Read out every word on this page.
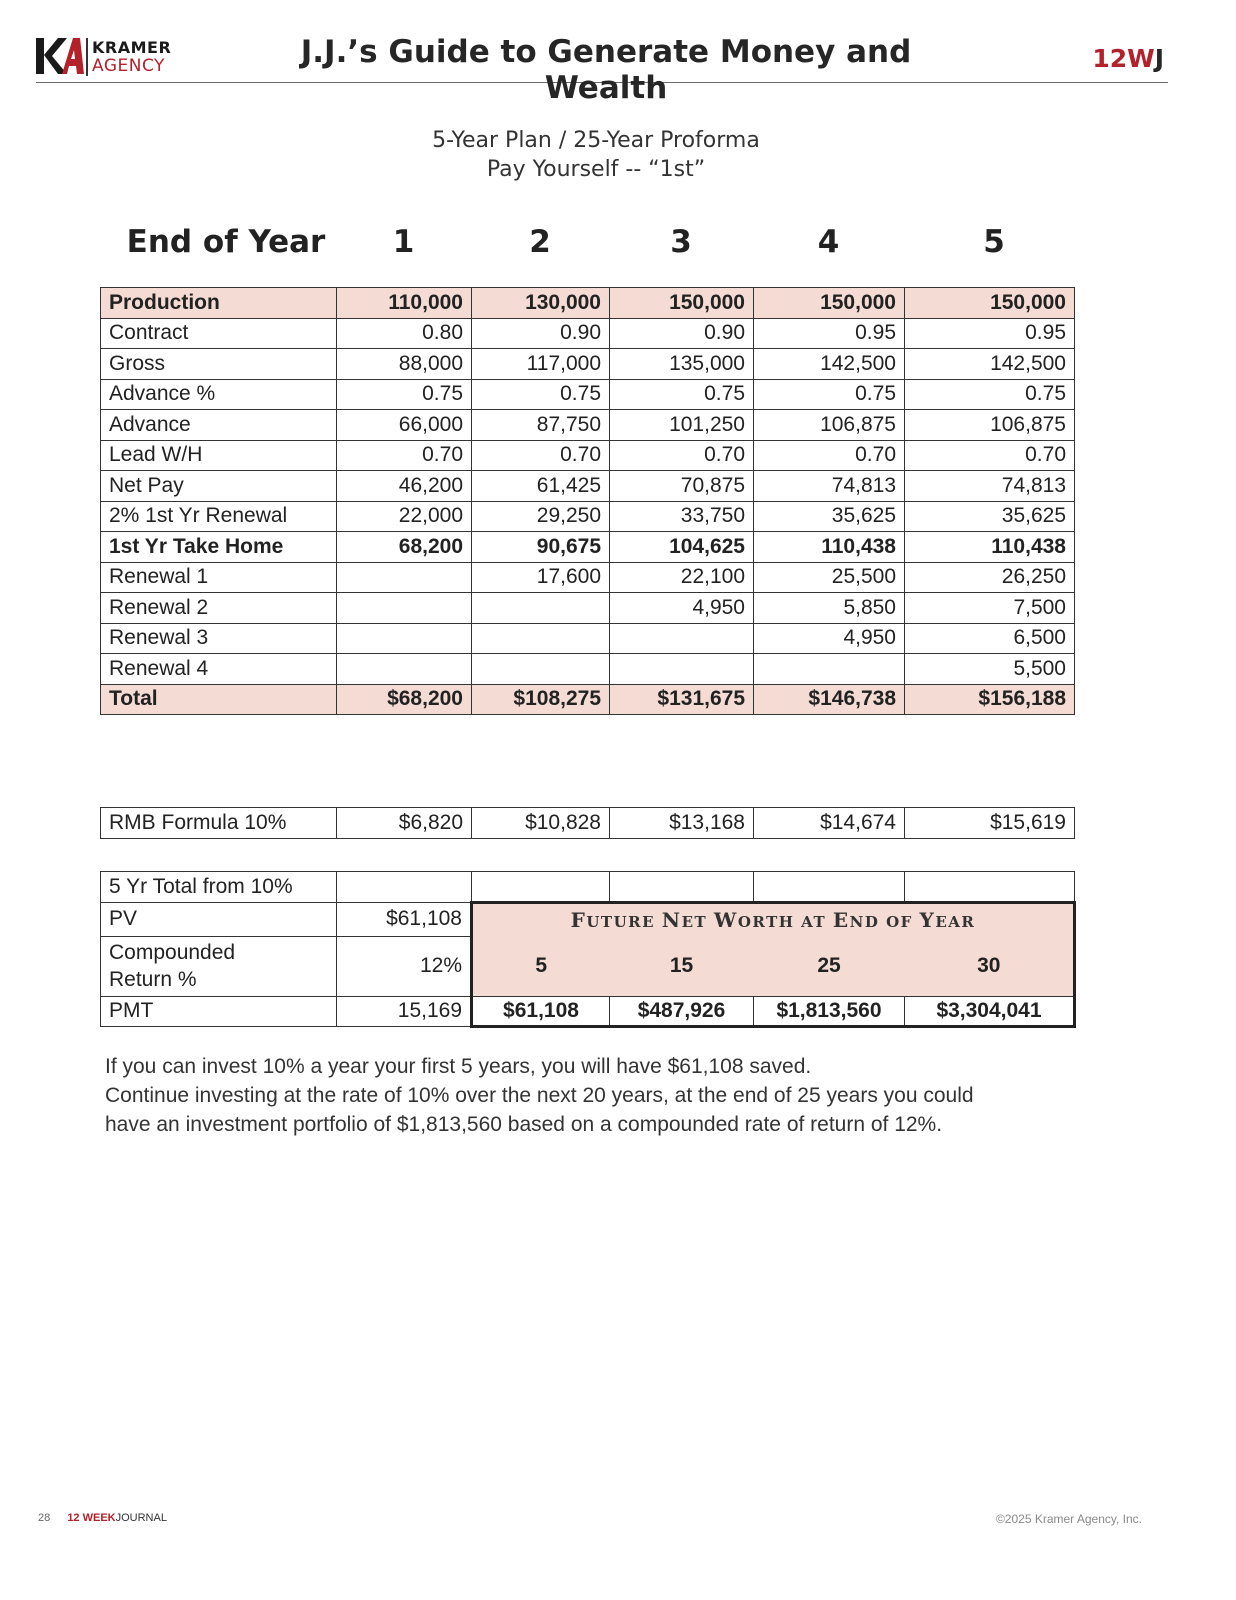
KRAMER
AGENCY	J.J.’s Guide to Generate Money and Wealth
12WJ
5-Year Plan / 25-Year Proforma
Pay Yourself -- “1st”
End of Year	1	2	3	4	5
Production	110,000	130,000	150,000	150,000	150,000
Contract	0.80	0.90	0.90	0.95	0.95
Gross	88,000	117,000	135,000	142,500	142,500
Advance %	0.75	0.75	0.75	0.75	0.75
Advance	66,000	87,750	101,250	106,875	106,875
Lead W/H	0.70	0.70	0.70	0.70	0.70
Net Pay	46,200	61,425	70,875	74,813	74,813
2% 1st Yr Renewal	22,000	29,250	33,750	35,625	35,625
1st Yr Take Home	68,200	90,675	104,625	110,438	110,438
Renewal 1		17,600	22,100	25,500	26,250
Renewal 2			4,950	5,850	7,500
Renewal 3				4,950	6,500
Renewal 4					5,500
Total	$68,200	$108,275	$131,675	$146,738	$156,188
RMB Formula 10%	$6,820	$10,828	$13,168	$14,674	$15,619
5 Yr Total from 10%					
PV	$61,108	FUTURE NET WORTH AT END OF YEAR			

Compounded
Return %	12%	5	15	25	30
PMT	15,169	$61,108	$487,926	$1,813,560	$3,304,041
If you can invest 10% a year your first 5 years, you will have $61,108 saved.
Continue investing at the rate of 10% over the next 20 years, at the end of 25 years you could
have an investment portfolio of $1,813,560 based on a compounded rate of return of 12%.
28 12 WEEKJOURNAL	©2025 Kramer Agency, Inc.
